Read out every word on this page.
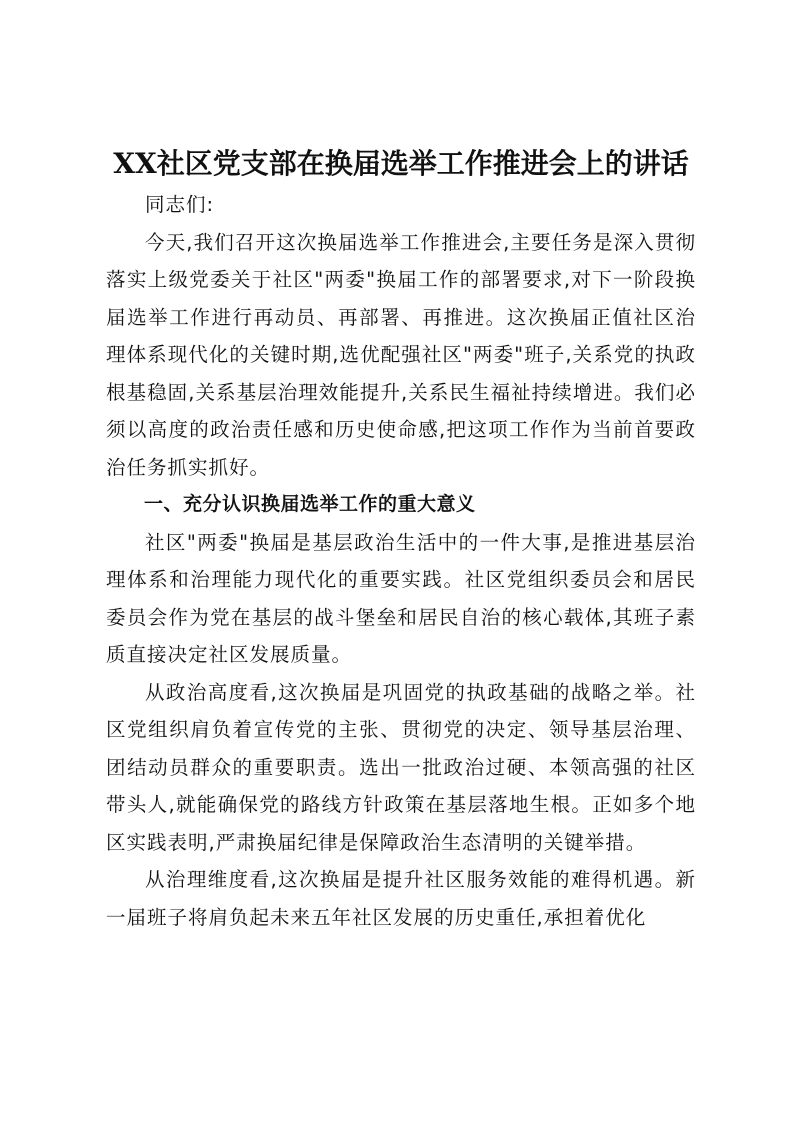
XX社区党支部在换届选举工作推进会上的讲话

同志们:

今天,我们召开这次换届选举工作推进会,主要任务是深入贯彻落实上级党委关于社区"两委"换届工作的部署要求,对下一阶段换届选举工作进行再动员、再部署、再推进。这次换届正值社区治理体系现代化的关键时期,选优配强社区"两委"班子,关系党的执政根基稳固,关系基层治理效能提升,关系民生福祉持续增进。我们必须以高度的政治责任感和历史使命感,把这项工作作为当前首要政治任务抓实抓好。

一、充分认识换届选举工作的重大意义

社区"两委"换届是基层政治生活中的一件大事,是推进基层治理体系和治理能力现代化的重要实践。社区党组织委员会和居民委员会作为党在基层的战斗堡垒和居民自治的核心载体,其班子素质直接决定社区发展质量。

从政治高度看,这次换届是巩固党的执政基础的战略之举。社区党组织肩负着宣传党的主张、贯彻党的决定、领导基层治理、团结动员群众的重要职责。选出一批政治过硬、本领高强的社区带头人,就能确保党的路线方针政策在基层落地生根。正如多个地区实践表明,严肃换届纪律是保障政治生态清明的关键举措。

从治理维度看,这次换届是提升社区服务效能的难得机遇。新一届班子将肩负起未来五年社区发展的历史重任,承担着优化
